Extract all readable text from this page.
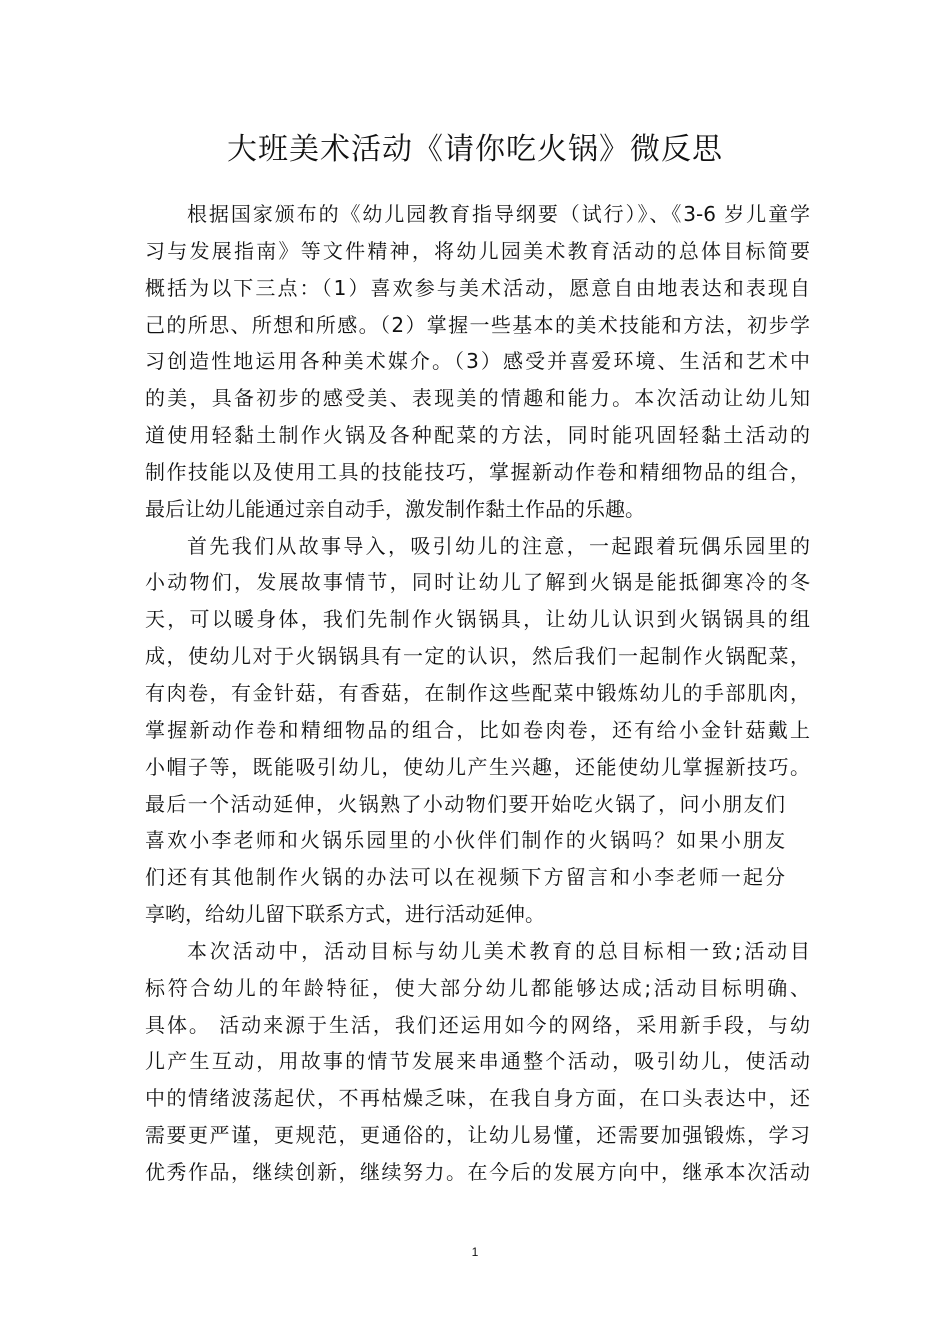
大班美术活动《请你吃火锅》微反思
根据国家颁布的《幼儿园教育指导纲要（试行）》、《3-6 岁儿童学
习与发展指南》等文件精神，将幼儿园美术教育活动的总体目标简要
概括为以下三点：（1）喜欢参与美术活动，愿意自由地表达和表现自
己的所思、所想和所感。（2）掌握一些基本的美术技能和方法，初步学
习创造性地运用各种美术媒介。（3）感受并喜爱环境、生活和艺术中
的美，具备初步的感受美、表现美的情趣和能力。本次活动让幼儿知
道使用轻黏土制作火锅及各种配菜的方法，同时能巩固轻黏土活动的
制作技能以及使用工具的技能技巧，掌握新动作卷和精细物品的组合，
最后让幼儿能通过亲自动手，激发制作黏土作品的乐趣。
首先我们从故事导入，吸引幼儿的注意，一起跟着玩偶乐园里的
小动物们，发展故事情节，同时让幼儿了解到火锅是能抵御寒冷的冬
天，可以暖身体，我们先制作火锅锅具，让幼儿认识到火锅锅具的组
成，使幼儿对于火锅锅具有一定的认识，然后我们一起制作火锅配菜，
有肉卷，有金针菇，有香菇，在制作这些配菜中锻炼幼儿的手部肌肉，
掌握新动作卷和精细物品的组合，比如卷肉卷，还有给小金针菇戴上
小帽子等，既能吸引幼儿，使幼儿产生兴趣，还能使幼儿掌握新技巧。
最后一个活动延伸，火锅熟了小动物们要开始吃火锅了，问小朋友们
喜欢小李老师和火锅乐园里的小伙伴们制作的火锅吗？如果小朋友
们还有其他制作火锅的办法可以在视频下方留言和小李老师一起分
享哟，给幼儿留下联系方式，进行活动延伸。
本次活动中，活动目标与幼儿美术教育的总目标相一致;活动目
标符合幼儿的年龄特征，使大部分幼儿都能够达成;活动目标明确、
具体。 活动来源于生活，我们还运用如今的网络，采用新手段，与幼
儿产生互动，用故事的情节发展来串通整个活动，吸引幼儿，使活动
中的情绪波荡起伏，不再枯燥乏味，在我自身方面，在口头表达中，还
需要更严谨，更规范，更通俗的，让幼儿易懂，还需要加强锻炼，学习
优秀作品，继续创新，继续努力。在今后的发展方向中，继承本次活动
1
